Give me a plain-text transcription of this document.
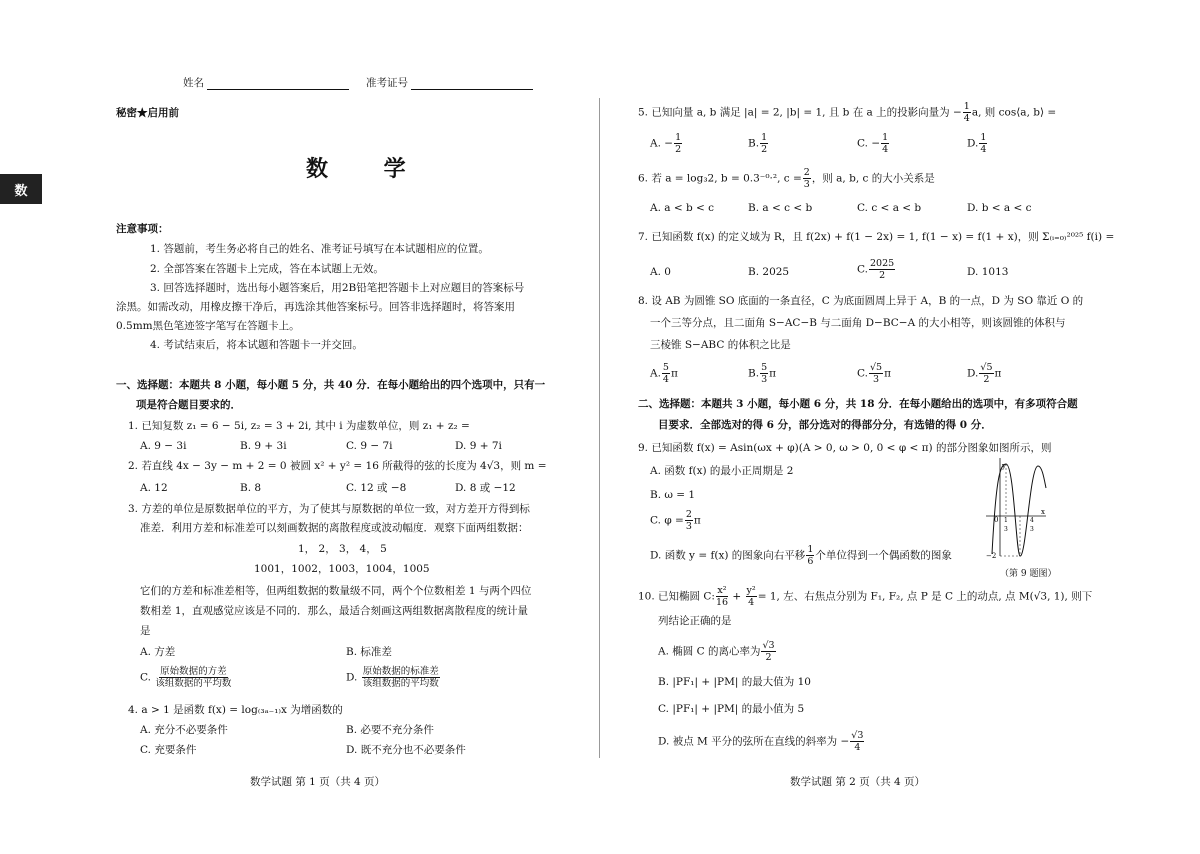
数
姓名	准考证号
秘密★启用前
数 学
注意事项：
1. 答题前，考生务必将自己的姓名、准考证号填写在本试题相应的位置。
2. 全部答案在答题卡上完成，答在本试题上无效。
3. 回答选择题时，选出每小题答案后，用2B铅笔把答题卡上对应题目的答案标号
涂黑。如需改动，用橡皮擦干净后，再选涂其他答案标号。回答非选择题时，将答案用
0.5mm黑色笔迹签字笔写在答题卡上。
4. 考试结束后，将本试题和答题卡一并交回。
一、选择题：本题共 8 小题，每小题 5 分，共 40 分．在每小题给出的四个选项中，只有一
项是符合题目要求的．
1. 已知复数 z₁ = 6 − 5i, z₂ = 3 + 2i, 其中 i 为虚数单位，则 z₁ + z₂ =
A. 9 − 3i	B. 9 + 3i	C. 9 − 7i	D. 9 + 7i
2. 若直线 4x − 3y − m + 2 = 0 被圆 x² + y² = 16 所截得的弦的长度为 4√3，则 m =
A. 12	B. 8	C. 12 或 −8	D. 8 或 −12
3. 方差的单位是原数据单位的平方，为了使其与原数据的单位一致，对方差开方得到标
准差．利用方差和标准差可以刻画数据的离散程度或波动幅度．观察下面两组数据：
1， 2， 3， 4， 5
1001，1002，1003，1004，1005
它们的方差和标准差相等，但两组数据的数量级不同，两个个位数相差 1 与两个四位
数相差 1，直观感觉应该是不同的．那么，最适合刻画这两组数据离散程度的统计量
是
A. 方差	B. 标准差
C. $\frac{\text{原始数据的方差}}{\text{该组数据的平均数}}$	D. $\frac{\text{原始数据的标准差}}{\text{该组数据的平均数}}$
4. a > 1 是函数 f(x) = log₍₃ₐ₋₁₎x 为增函数的
A. 充分不必要条件	B. 必要不充分条件
C. 充要条件	D. 既不充分也不必要条件
数学试题 第 1 页（共 4 页）
5. 已知向量 a, b 满足 |a| = 2, |b| = 1, 且 b 在 a 上的投影向量为 − $\frac{1}{4} a$, 则 cos⟨a, b⟩ =
A. − $\frac{1}{2}$	B. $\frac{1}{2}$	C. − $\frac{1}{4}$	D. $\frac{1}{4}$
6. 若 a = log₃2, b = 0.3⁻⁰·², $c = \frac{2}{3}$ ，则 a, b, c 的大小关系是
A. a < b < c	B. a < c < b	C. c < a < b	D. b < a < c
7. 已知函数 f(x) 的定义域为 R，且 f(2x) + f(1 − 2x) = 1, f(1 − x) = f(1 + x)，则 Σ₍ᵢ₌₀₎²⁰²⁵ f(i) =
A. 0	B. 2025	C. $\frac{2025}{2}$	D. 1013
8. 设 AB 为圆锥 SO 底面的一条直径，C 为底面圆周上异于 A，B 的一点，D 为 SO 靠近 O 的
一个三等分点，且二面角 S−AC−B 与二面角 D−BC−A 的大小相等，则该圆锥的体积与
三棱锥 S−ABC 的体积之比是
A. $\frac{5}{4}$ π	B. $\frac{5}{3}$ π	C. $\frac{√5}{3}$ π	D. $\frac{√5}{2}$ π
二、选择题：本题共 3 小题，每小题 6 分，共 18 分．在每小题给出的选项中，有多项符合题
目要求．全部选对的得 6 分，部分选对的得部分分，有选错的得 0 分．
9. 已知函数 f(x) = Asin(ωx + φ)(A > 0, ω > 0, 0 < φ < π) 的部分图象如图所示，则
A. 函数 f(x) 的最小正周期是 2
B. ω = 1
C. $\varphi = \frac{2}{3}$ π
D. 函数 y = f(x) 的图象向右平移 $\frac{1}{6}$ 个单位得到一个偶函数的图象
y
x
0 1
3
4
3
−2
（第 9 题图）
10. 已知椭圆 C: $\frac{\text{x²}}{16} + \frac{\text{y²}}{4} = 1$, 左、右焦点分别为 F₁, F₂, 点 P 是 C 上的动点, 点 M(√3, 1), 则下
列结论正确的是
A. 椭圆 C 的离心率为 $\frac{√3}{2}$
B. |PF₁| + |PM| 的最大值为 10
C. |PF₁| + |PM| 的最小值为 5
D. 被点 M 平分的弦所在直线的斜率为 − $\frac{√3}{4}$
数学试题 第 2 页（共 4 页）
